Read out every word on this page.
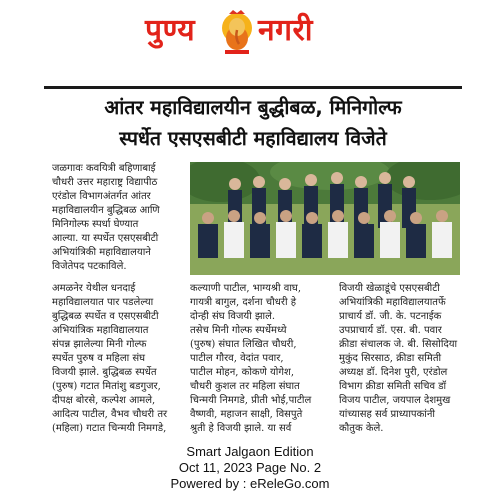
पुण्य नगरी
आंतर महाविद्यालयीन बुद्धीबळ, मिनिगोल्फ
स्पर्धेत एसएसबीटी महाविद्यालय विजेते
जळगावः कवयित्री बहिणाबाई
चौधरी उत्तर महाराष्ट्र विद्यापीठ
एरंडोल विभागअंतर्गत आंतर
महाविद्यालयीन बुद्धिबळ आणि
मिनिगोल्फ स्पर्धा घेण्यात
आल्या. या स्पर्धेत एसएसबीटी
अभियांत्रिकी महाविद्यालयाने
विजेतेपद पटकाविले.
अमळनेर येथील धनदाई
महाविद्यालयात पार पडलेल्या
बुद्धिबळ स्पर्धेत व एसएसबीटी
अभियांत्रिक महाविद्यालयात
संपन्न झालेल्या मिनी गोल्फ
स्पर्धेत पुरुष व महिला संघ
विजयी झाले. बुद्धिबळ स्पर्धेत
(पुरुष) गटात मितांशु बडगुजर,
दीपक्ष बोरसे, कल्पेश आमले,
आदित्य पाटील, वैभव चौधरी तर
(महिला) गटात चिन्मयी निमगडे,
कल्याणी पाटील, भाग्यश्री वाघ,
गायत्री बागुल, दर्शना चौधरी हे
दोन्ही संघ विजयी झाले.
तसेच मिनी गोल्फ स्पर्धेमध्ये
(पुरुष) संघात लिखित चौधरी,
पाटील गौरव, वेदांत पवार,
पाटील मोहन, कोकणे योगेश,
चौधरी कुशल तर महिला संघात
चिन्मयी निमगडे, प्रीती भोई,पाटील
वैष्णवी, महाजन साक्षी, विसपुते
श्रुती हे विजयी झाले. या सर्व
विजयी खेळाडूंचे एसएसबीटी
अभियांत्रिकी महाविद्यालयातर्फे
प्राचार्य डॉ. जी. के. पटनाईक
उपप्राचार्य डॉ. एस. बी. पवार
क्रीडा संचालक जे. बी. सिसोदिया
मुकुंद सिरसाठ, क्रीडा समिती
अध्यक्ष डॉ. दिनेश पुरी, एरंडोल
विभाग क्रीडा समिती सचिव डॉ
विजय पाटील, जयपाल देशमुख
यांच्यासह सर्व प्राध्यापकांनी
कौतुक केले.
Smart Jalgaon Edition
Oct 11, 2023 Page No. 2
Powered by : eReleGo.com
